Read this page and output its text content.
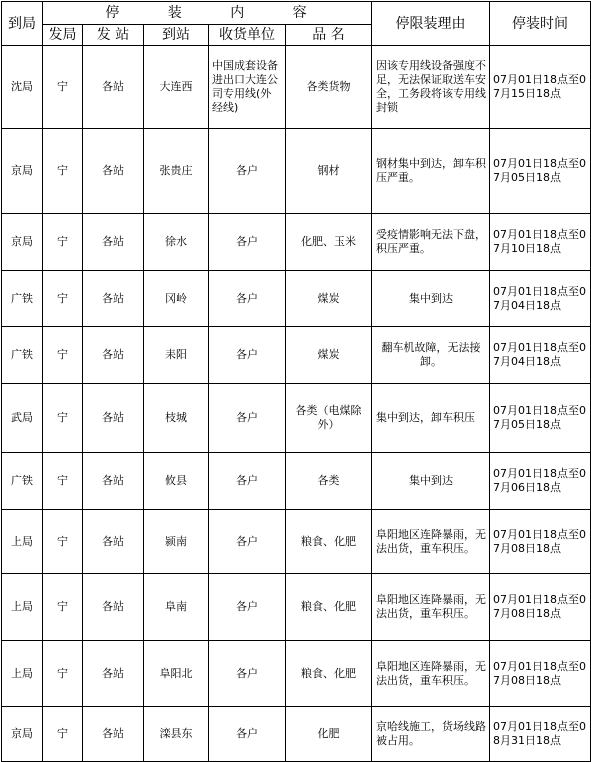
到局	停 装 内 容					停限装理由	停装时间
	发局	发 站	到站	收货单位	品 名		
沈局	宁	各站	大连西	中国成套设备进出口大连公司专用线(外经线)	各类货物	因该专用线设备强度不足，无法保证取送车安全，工务段将该专用线封锁	07月01日18点至07月15日18点
京局	宁	各站	张贵庄	各户	钢材	钢材集中到达，卸车积压严重。	07月01日18点至07月05日18点
京局	宁	各站	徐水	各户	化肥、玉米	受疫情影响无法下盘，积压严重。	07月01日18点至07月10日18点
广铁	宁	各站	冈岭	各户	煤炭	集中到达	07月01日18点至07月04日18点
广铁	宁	各站	耒阳	各户	煤炭	翻车机故障，无法接卸。	07月01日18点至07月04日18点
武局	宁	各站	枝城	各户	各类（电煤除外）	集中到达，卸车积压	07月01日18点至07月05日18点
广铁	宁	各站	攸县	各户	各类	集中到达	07月01日18点至07月06日18点
上局	宁	各站	颍南	各户	粮食、化肥	阜阳地区连降暴雨，无法出货，重车积压。	07月01日18点至07月08日18点
上局	宁	各站	阜南	各户	粮食、化肥	阜阳地区连降暴雨，无法出货，重车积压。	07月01日18点至07月08日18点
上局	宁	各站	阜阳北	各户	粮食、化肥	阜阳地区连降暴雨，无法出货，重车积压。	07月01日18点至07月08日18点
京局	宁	各站	滦县东	各户	化肥	京哈线施工，货场线路被占用。	07月01日18点至08月31日18点
